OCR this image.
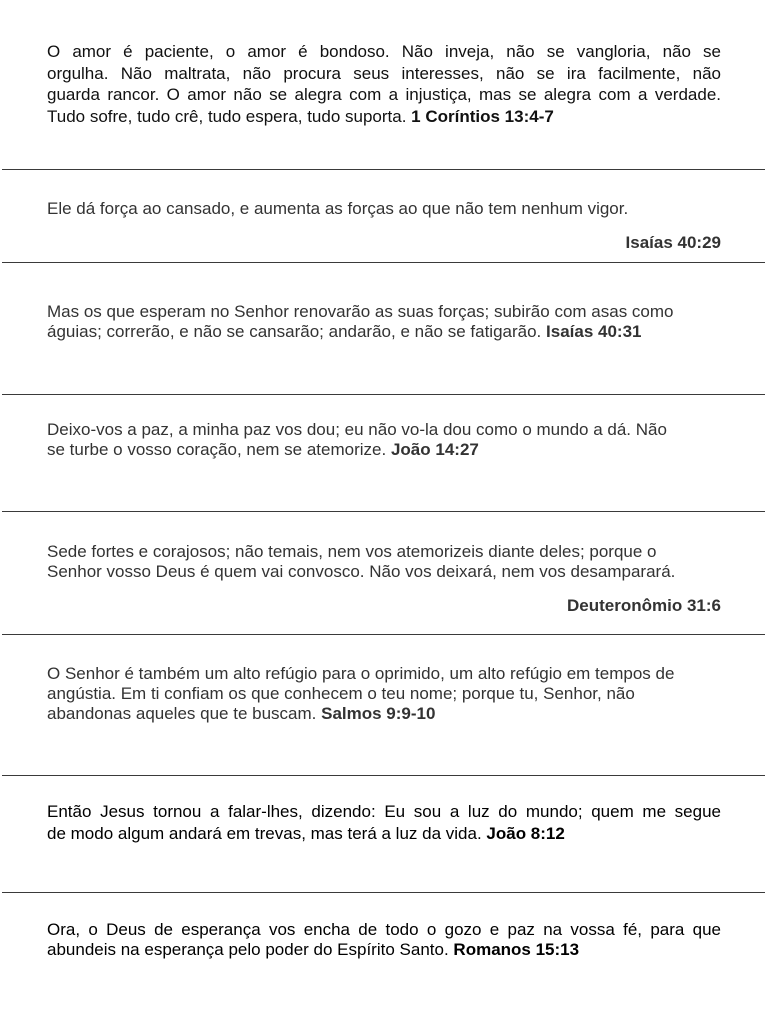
O amor é paciente, o amor é bondoso. Não inveja, não se vangloria, não se
orgulha. Não maltrata, não procura seus interesses, não se ira facilmente, não
guarda rancor. O amor não se alegra com a injustiça, mas se alegra com a verdade.
Tudo sofre, tudo crê, tudo espera, tudo suporta. 1 Coríntios 13:4-7
Ele dá força ao cansado, e aumenta as forças ao que não tem nenhum vigor.
Isaías 40:29
Mas os que esperam no Senhor renovarão as suas forças; subirão com asas como
águias; correrão, e não se cansarão; andarão, e não se fatigarão. Isaías 40:31
Deixo-vos a paz, a minha paz vos dou; eu não vo-la dou como o mundo a dá. Não
se turbe o vosso coração, nem se atemorize. João 14:27
Sede fortes e corajosos; não temais, nem vos atemorizeis diante deles; porque o
Senhor vosso Deus é quem vai convosco. Não vos deixará, nem vos desamparará.
Deuteronômio 31:6
O Senhor é também um alto refúgio para o oprimido, um alto refúgio em tempos de
angústia. Em ti confiam os que conhecem o teu nome; porque tu, Senhor, não
abandonas aqueles que te buscam. Salmos 9:9-10
Então Jesus tornou a falar-lhes, dizendo: Eu sou a luz do mundo; quem me segue
de modo algum andará em trevas, mas terá a luz da vida. João 8:12
Ora, o Deus de esperança vos encha de todo o gozo e paz na vossa fé, para que
abundeis na esperança pelo poder do Espírito Santo. Romanos 15:13
